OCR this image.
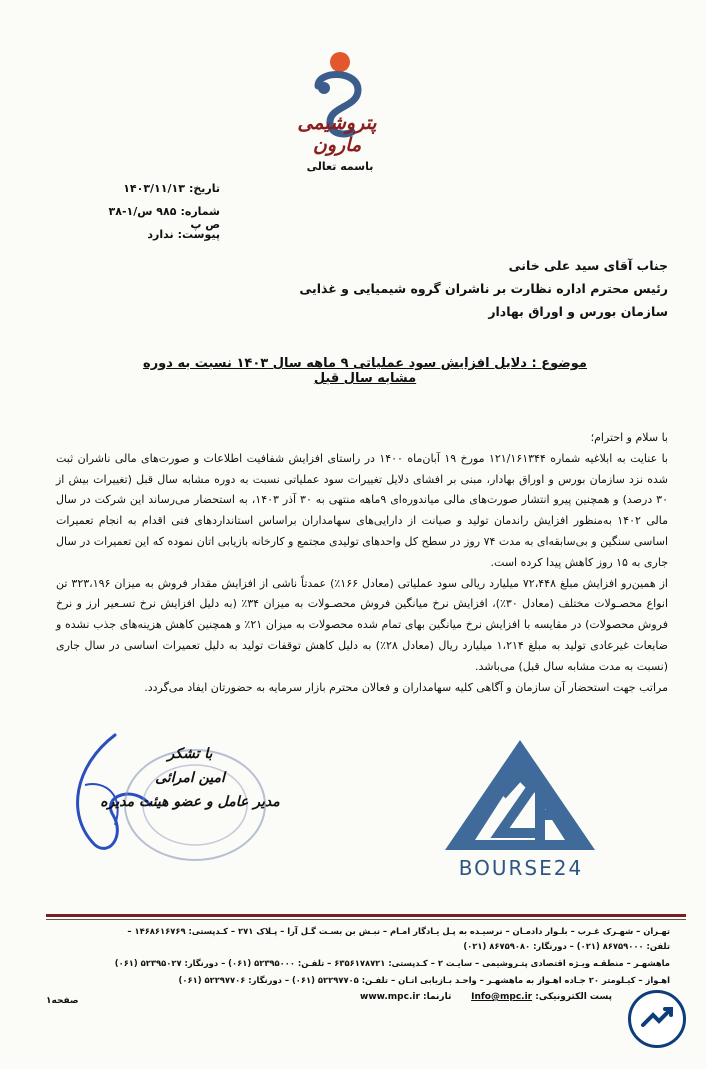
MPC
پتروشیمی مارون
باسمه تعالی
تاریخ:۱۴۰۳/۱۱/۱۳
شماره:۹۸۵ س/۱-۳۸ ص پ
پیوست:ندارد
جناب آقای سید علی خانی
رئیس محترم اداره نظارت بر ناشران گروه شیمیایی و غذایی
سازمان بورس و اوراق بهادار
موضوع : دلایل افزایش سود عملیاتی ۹ ماهه سال ۱۴۰۳ نسبت به دوره مشابه سال قبل

با سلام و احترام؛

با عنایت به ابلاغیه شماره ۱۲۱/۱۶۱۳۴۴ مورخ ۱۹ آبان‌ماه ۱۴۰۰ در راستای افزایش شفافیت اطلاعات و صورت‌های مالی ناشران ثبت شده نزد سازمان بورس و اوراق بهادار، مبنی بر افشای دلایل تغییرات سود عملیاتی نسبت به دوره مشابه سال قبل (تغییرات بیش از ۳۰ درصد) و همچنین پیرو انتشار صورت‌های مالی میاندوره‌ای ۹ماهه منتهی به ۳۰ آذر ۱۴۰۳، به استحضار می‌رساند این شرکت در سال مالی ۱۴۰۲ به‌منظور افزایش راندمان تولید و صیانت از دارایی‌های سهامداران براساس استانداردهای فنی اقدام به انجام تعمیرات اساسی سنگین و بی‌سابقه‌ای به مدت ۷۴ روز در سطح کل واحدهای تولیدی مجتمع و کارخانه بازیابی اتان نموده که این تعمیرات در سال جاری به ۱۵ روز کاهش پیدا کرده است.

از همین‌رو افزایش مبلغ ۷۲،۴۴۸ میلیارد ریالی سود عملیاتی (معادل ۱۶۶٪) عمدتاً ناشی از افزایش مقدار فروش به میزان ۳۲۳،۱۹۶ تن انواع محصـولات مختلف (معادل ۳۰٪)، افزایش نرخ میانگین فروش محصـولات به میزان ۳۴٪ (به دلیل افزایش نرخ تسـعیر ارز و نرخ فروش محصولات) در مقایسه با افزایش نرخ میانگین بهای تمام شده محصولات به میزان ۲۱٪ و همچنین کاهش هزینه‌های جذب نشده و ضایعات غیرعادی تولید به مبلغ ۱،۲۱۴ میلیارد ریال (معادل ۲۸٪) به دلیل کاهش توقفات تولید به دلیل تعمیرات اساسی در سال جاری (نسبت به مدت مشابه سال قبل) می‌باشد.

مراتب جهت استحضار آن سازمان و آگاهی کلیه سهامداران و فعالان محترم بازار سرمایه به حضورتان ایفاد می‌گردد.

با تشکر
امین امرائی
مدیر عامل و عضو هیئت مدیره
BOURSE24
تهـران – شهـرک غـرب – بلـوار دادمـان – نرسیـده به پـل یـادگار امـام – نبـش بن بسـت گـل آرا – پـلاک ۲۷۱ – کـدپستی: ۱۴۶۸۶۱۶۷۶۹ –
تلفن: ۸۶۷۵۹۰۰۰ (۰۲۱) – دورنگار: ۸۶۷۵۹۰۸۰ (۰۲۱)
ماهشهـر – منطقـه ویـژه اقتصادی پتـروشیمی – سایـت ۲ – کـدپستی: ۶۳۵۶۱۷۸۷۲۱ – تلفـن: ۵۲۳۹۵۰۰۰ (۰۶۱) – دورنگار: ۵۲۳۹۵۰۲۷ (۰۶۱)
اهـواز – کیـلومتر ۲۰ جـاده اهـواز به ماهشهـر – واحـد بـازیابی اتـان – تلفـن: ۵۲۲۹۷۷۰۵ (۰۶۱) – دورنگار: ۵۲۲۹۷۷۰۶ (۰۶۱)
پست الکترونیکی: Info@mpc.ir
تارنما: www.mpc.ir
صفحه۱
